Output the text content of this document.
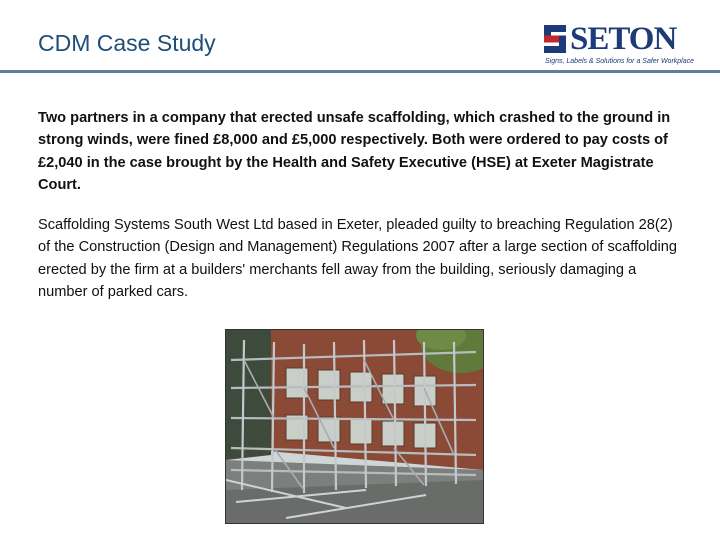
CDM Case Study	SETON
Signs, Labels & Solutions for a Safer Workplace

Two partners in a company that erected unsafe scaffolding, which crashed to the ground in strong winds, were fined £8,000 and £5,000 respectively. Both were ordered to pay costs of £2,040 in the case brought by the Health and Safety Executive (HSE) at Exeter Magistrate Court.

Scaffolding Systems South West Ltd based in Exeter, pleaded guilty to breaching Regulation 28(2) of the Construction (Design and Management) Regulations 2007 after a large section of scaffolding erected by the firm at a builders' merchants fell away from the building, seriously damaging a number of parked cars.
